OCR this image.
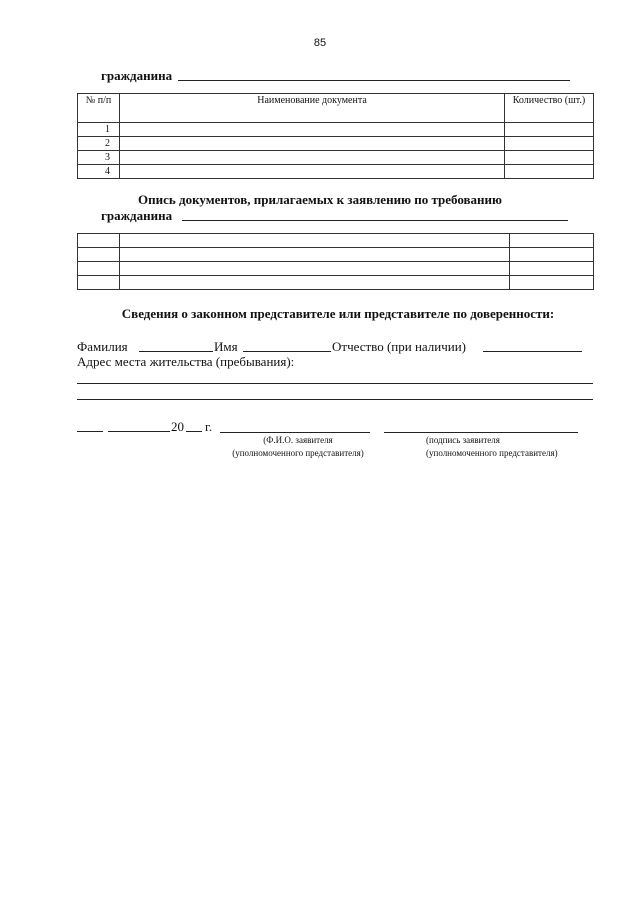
85
гражданина
№ п/п	Наименование документа	Количество (шт.)
1		
2		
3		
4		
Опись документов, прилагаемых к заявлению по требованию
гражданина

Сведения о законном представителе или представителе по доверенности:
Фамилия	Имя	Отчество (при наличии)
Адрес места жительства (пребывания):
20 г.
(Ф.И.О. заявителя
(уполномоченного представителя)
(подпись заявителя
(уполномоченного представителя)
